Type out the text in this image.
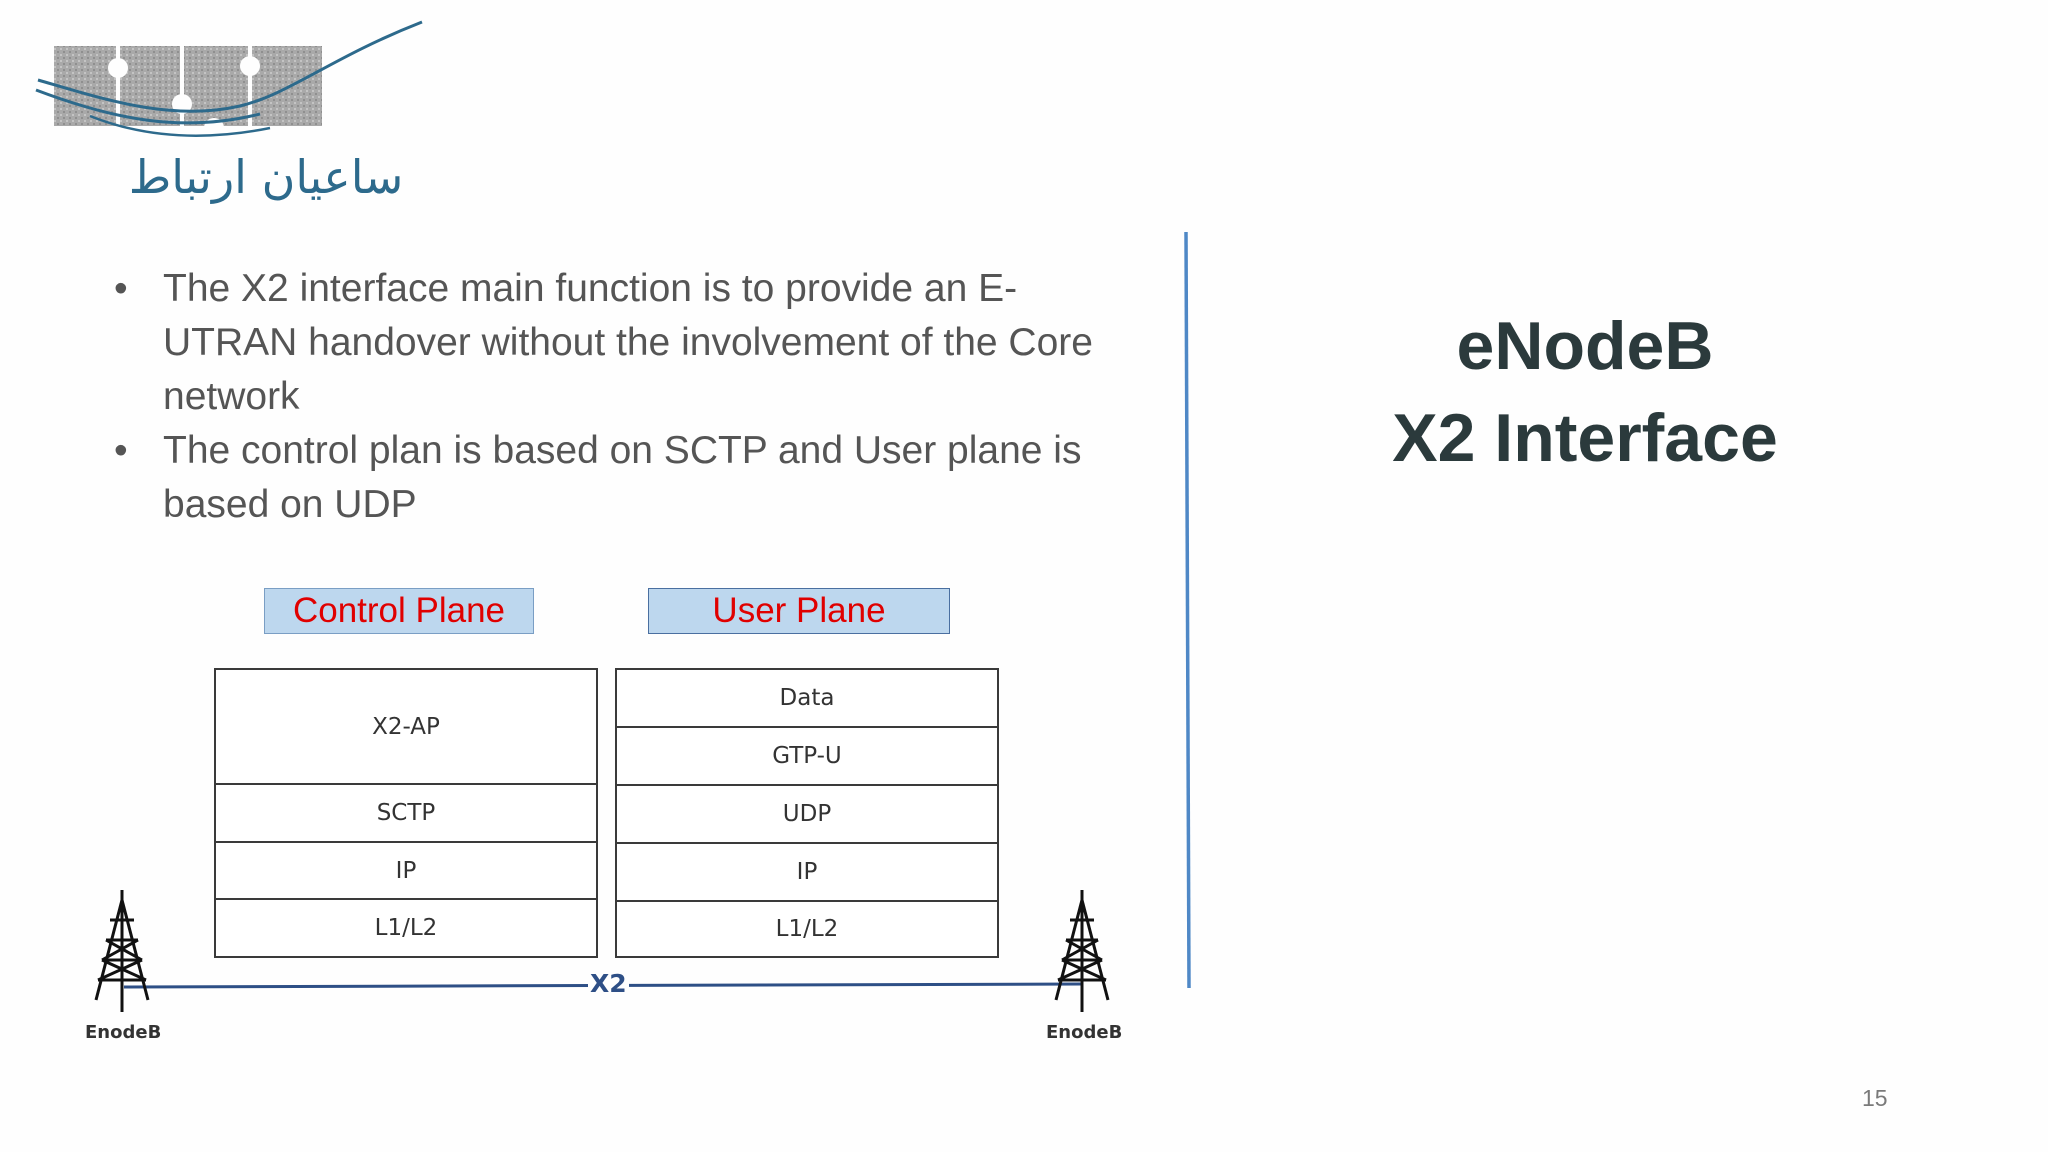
ساعیان ارتباط
• The X2 interface main function is to provide an E-UTRAN handover without the involvement of the Core network
• The control plan is based on SCTP and User plane is based on UDP
Control Plane	User Plane
X2-AP
SCTP
IP
L1/L2
Data
GTP-U
UDP
IP
L1/L2
X2
EnodeB	EnodeB
eNodeB
X2 Interface
15
